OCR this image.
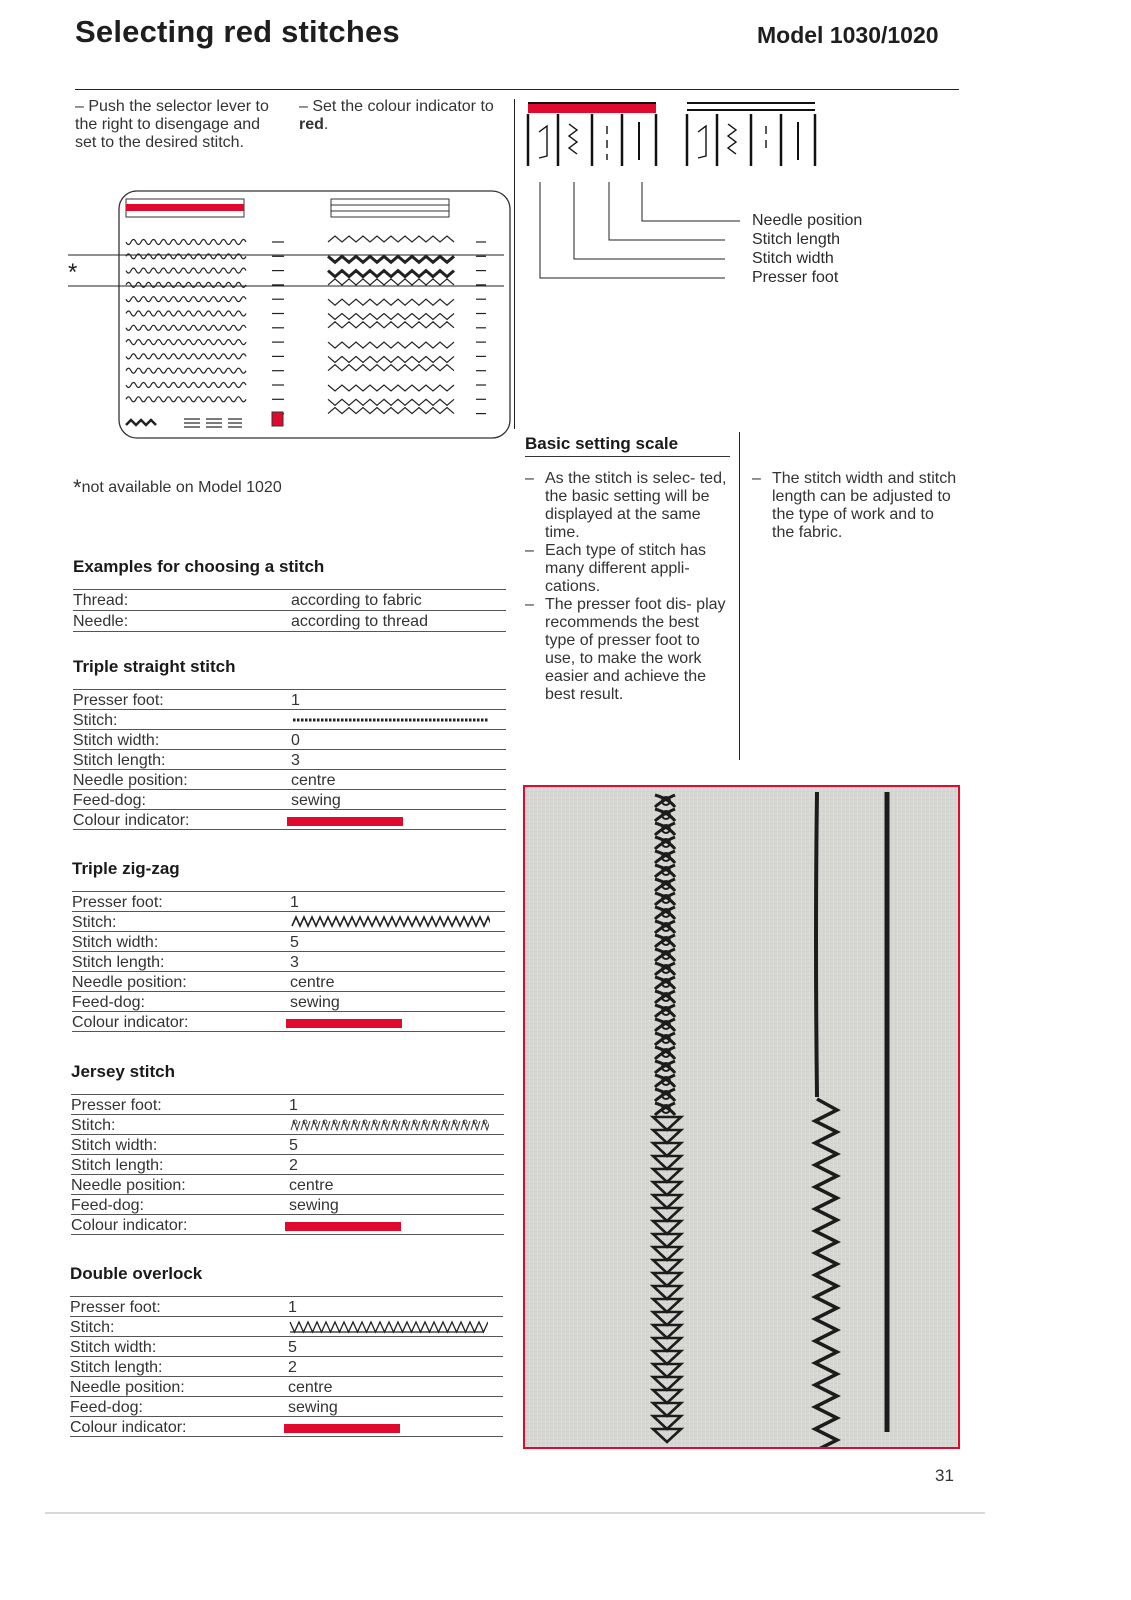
Selecting red stitches	Model 1030/1020
– Push the selector lever to the right to disengage and set to the desired stitch.
– Set the colour indicator to red.
*
*not available on Model 1020
Needle position
Stitch length
Stitch width
Presser foot
Basic setting scale
– As the stitch is selec- ted, the basic setting will be displayed at the same time.
– Each type of stitch has many different appli- cations.
– The presser foot dis- play recommends the best type of presser foot to use, to make the work easier and achieve the best result.
– The stitch width and stitch length can be adjusted to the type of work and to the fabric.
Examples for choosing a stitch
Thread:	according to fabric
Needle:	according to thread
Triple straight stitch
Presser foot:	1
Stitch:
Stitch width:	0
Stitch length:	3
Needle position:	centre
Feed-dog:	sewing
Colour indicator:
Triple zig-zag
Presser foot:	1
Stitch:
Stitch width:	5
Stitch length:	3
Needle position:	centre
Feed-dog:	sewing
Colour indicator:
Jersey stitch
Presser foot:	1
Stitch:
Stitch width:	5
Stitch length:	2
Needle position:	centre
Feed-dog:	sewing
Colour indicator:
Double overlock
Presser foot:	1
Stitch:
Stitch width:	5
Stitch length:	2
Needle position:	centre
Feed-dog:	sewing
Colour indicator:
31
